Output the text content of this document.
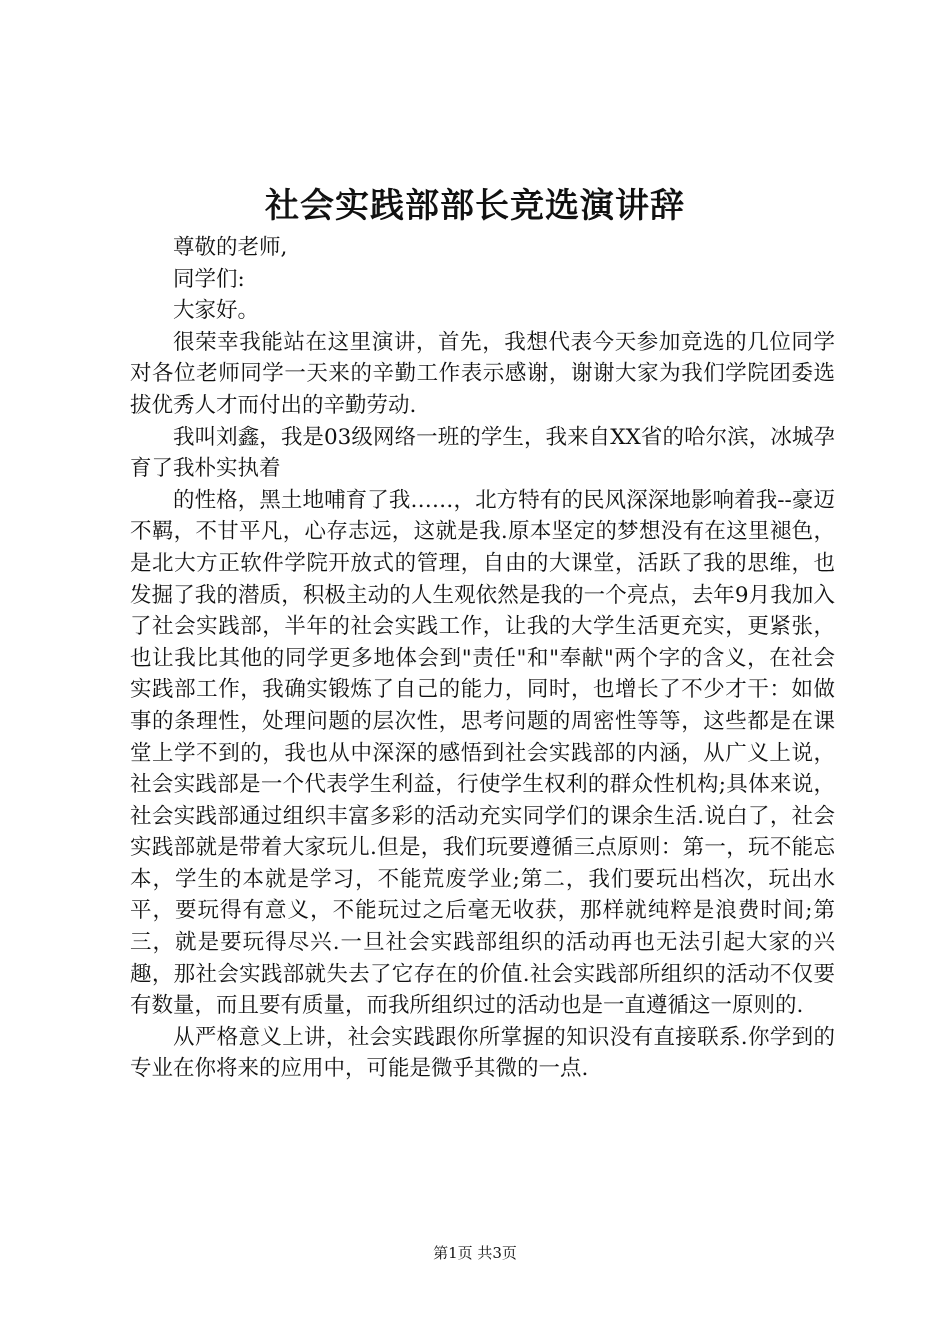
社会实践部部长竞选演讲辞

尊敬的老师,

同学们:

大家好。

很荣幸我能站在这里演讲，首先，我想代表今天参加竞选的几位同学对各位老师同学一天来的辛勤工作表示感谢，谢谢大家为我们学院团委选拔优秀人才而付出的辛勤劳动.

我叫刘鑫，我是03级网络一班的学生，我来自XX省的哈尔滨，冰城孕育了我朴实执着

的性格，黑土地哺育了我……，北方特有的民风深深地影响着我--豪迈不羁，不甘平凡，心存志远，这就是我.原本坚定的梦想没有在这里褪色，是北大方正软件学院开放式的管理，自由的大课堂，活跃了我的思维，也发掘了我的潜质，积极主动的人生观依然是我的一个亮点，去年9月我加入了社会实践部，半年的社会实践工作，让我的大学生活更充实，更紧张，也让我比其他的同学更多地体会到"责任"和"奉献"两个字的含义，在社会实践部工作，我确实锻炼了自己的能力，同时，也增长了不少才干：如做事的条理性，处理问题的层次性，思考问题的周密性等等，这些都是在课堂上学不到的，我也从中深深的感悟到社会实践部的内涵，从广义上说，社会实践部是一个代表学生利益，行使学生权利的群众性机构;具体来说，社会实践部通过组织丰富多彩的活动充实同学们的课余生活.说白了，社会实践部就是带着大家玩儿.但是，我们玩要遵循三点原则：第一，玩不能忘本，学生的本就是学习，不能荒废学业;第二，我们要玩出档次，玩出水平，要玩得有意义，不能玩过之后毫无收获，那样就纯粹是浪费时间;第三，就是要玩得尽兴.一旦社会实践部组织的活动再也无法引起大家的兴趣，那社会实践部就失去了它存在的价值.社会实践部所组织的活动不仅要有数量，而且要有质量，而我所组织过的活动也是一直遵循这一原则的.

从严格意义上讲，社会实践跟你所掌握的知识没有直接联系.你学到的专业在你将来的应用中，可能是微乎其微的一点.

第1页 共3页
